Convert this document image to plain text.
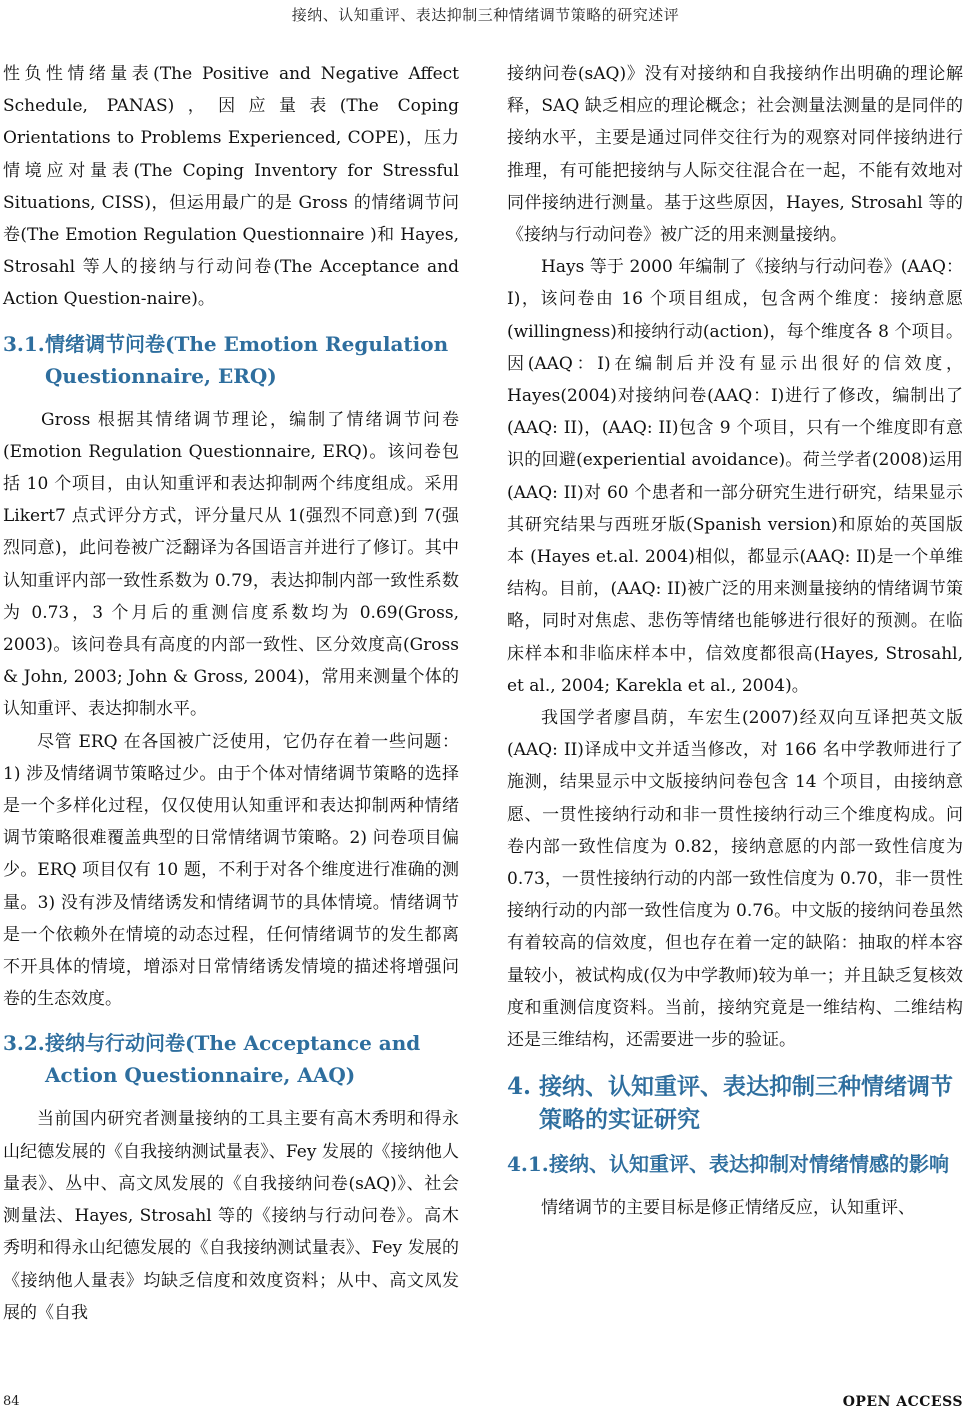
接纳、认知重评、表达抑制三种情绪调节策略的研究述评

性负性情绪量表(The Positive and Negative Affect Schedule, PANAS)，因应量表(The Coping Orientations to Problems Experienced, COPE)，压力情境应对量表(The Coping Inventory for Stressful Situations, CISS)，但运用最广的是 Gross 的情绪调节问卷(The Emotion Regulation Questionnaire )和 Hayes, Strosahl 等人的接纳与行动问卷(The Acceptance and Action Question-naire)。

3.1. 情绪调节问卷(The Emotion Regulation Questionnaire, ERQ)

Gross 根据其情绪调节理论，编制了情绪调节问卷(Emotion Regulation Questionnaire, ERQ)。该问卷包括 10 个项目，由认知重评和表达抑制两个纬度组成。采用 Likert7 点式评分方式，评分量尺从 1(强烈不同意)到 7(强烈同意)，此问卷被广泛翻译为各国语言并进行了修订。其中认知重评内部一致性系数为 0.79，表达抑制内部一致性系数为 0.73，3 个月后的重测信度系数均为 0.69(Gross, 2003)。该问卷具有高度的内部一致性、区分效度高(Gross & John, 2003; John & Gross, 2004)，常用来测量个体的认知重评、表达抑制水平。

尽管 ERQ 在各国被广泛使用，它仍存在着一些问题：1) 涉及情绪调节策略过少。由于个体对情绪调节策略的选择是一个多样化过程，仅仅使用认知重评和表达抑制两种情绪调节策略很难覆盖典型的日常情绪调节策略。2) 问卷项目偏少。ERQ 项目仅有 10 题，不利于对各个维度进行准确的测量。3) 没有涉及情绪诱发和情绪调节的具体情境。情绪调节是一个依赖外在情境的动态过程，任何情绪调节的发生都离不开具体的情境，增添对日常情绪诱发情境的描述将增强问卷的生态效度。

3.2. 接纳与行动问卷(The Acceptance and Action Questionnaire, AAQ)

当前国内研究者测量接纳的工具主要有高木秀明和得永山纪德发展的《自我接纳测试量表》、Fey 发展的《接纳他人量表》、丛中、高文凤发展的《自我接纳问卷(sAQ)》、社会测量法、Hayes, Strosahl 等的《接纳与行动问卷》。高木秀明和得永山纪德发展的《自我接纳测试量表》、Fey 发展的《接纳他人量表》均缺乏信度和效度资料；从中、高文凤发展的《自我

接纳问卷(sAQ)》没有对接纳和自我接纳作出明确的理论解释，SAQ 缺乏相应的理论概念；社会测量法测量的是同伴的接纳水平，主要是通过同伴交往行为的观察对同伴接纳进行推理，有可能把接纳与人际交往混合在一起，不能有效地对同伴接纳进行测量。基于这些原因，Hayes, Strosahl 等的《接纳与行动问卷》被广泛的用来测量接纳。

Hays 等于 2000 年编制了《接纳与行动问卷》(AAQ：I)，该问卷由 16 个项目组成，包含两个维度：接纳意愿(willingness)和接纳行动(action)，每个维度各 8 个项目。因(AAQ：I)在编制后并没有显示出很好的信效度，Hayes(2004)对接纳问卷(AAQ：I)进行了修改，编制出了(AAQ: II)，(AAQ: II)包含 9 个项目，只有一个维度即有意识的回避(experiential avoidance)。荷兰学者(2008)运用(AAQ: II)对 60 个患者和一部分研究生进行研究，结果显示其研究结果与西班牙版(Spanish version)和原始的英国版本 (Hayes et.al. 2004)相似，都显示(AAQ: II)是一个单维结构。目前，(AAQ: II)被广泛的用来测量接纳的情绪调节策略，同时对焦虑、悲伤等情绪也能够进行很好的预测。在临床样本和非临床样本中，信效度都很高(Hayes, Strosahl, et al., 2004; Karekla et al., 2004)。

我国学者廖昌荫，车宏生(2007)经双向互译把英文版(AAQ: II)译成中文并适当修改，对 166 名中学教师进行了施测，结果显示中文版接纳问卷包含 14 个项目，由接纳意愿、一贯性接纳行动和非一贯性接纳行动三个维度构成。问卷内部一致性信度为 0.82，接纳意愿的内部一致性信度为 0.73，一贯性接纳行动的内部一致性信度为 0.70，非一贯性接纳行动的内部一致性信度为 0.76。中文版的接纳问卷虽然有着较高的信效度，但也存在着一定的缺陷：抽取的样本容量较小，被试构成(仅为中学教师)较为单一；并且缺乏复核效度和重测信度资料。当前，接纳究竟是一维结构、二维结构还是三维结构，还需要进一步的验证。

4. 接纳、认知重评、表达抑制三种情绪调节策略的实证研究
4.1. 接纳、认知重评、表达抑制对情绪情感的影响

情绪调节的主要目标是修正情绪反应，认知重评、

84	OPEN ACCESS
